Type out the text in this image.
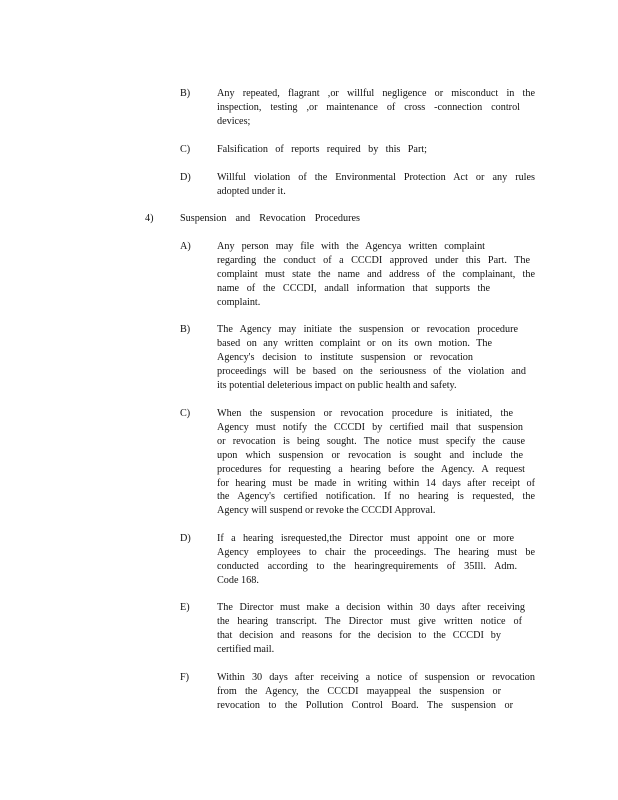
B)	Any repeated, flagrant ,or willful negligence or misconduct in the
inspection, testing ,or maintenance of cross -connection control
devices;
C)	Falsification of reports required by this Part;
D)	Willful violation of the Environmental Protection Act or any rules
adopted under it.
4)	Suspension and Revocation Procedures
A)	Any person may file with the Agencya written complaint
regarding the conduct of a CCCDI approved under this Part. The
complaint must state the name and address of the complainant, the
name of the CCCDI, andall information that supports the
complaint.
B)	The Agency may initiate the suspension or revocation procedure
based on any written complaint or on its own motion. The
Agency's decision to institute suspension or revocation
proceedings will be based on the seriousness of the violation and
its potential deleterious impact on public health and safety.
C)	When the suspension or revocation procedure is initiated, the
Agency must notify the CCCDI by certified mail that suspension
or revocation is being sought. The notice must specify the cause
upon which suspension or revocation is sought and include the
procedures for requesting a hearing before the Agency. A request
for hearing must be made in writing within 14 days after receipt of
the Agency's certified notification. If no hearing is requested, the
Agency will suspend or revoke the CCCDI Approval.
D)	If a hearing isrequested,the Director must appoint one or more
Agency employees to chair the proceedings. The hearing must be
conducted according to the hearingrequirements of 35Ill. Adm.
Code 168.
E)	The Director must make a decision within 30 days after receiving
the hearing transcript. The Director must give written notice of
that decision and reasons for the decision to the CCCDI by
certified mail.
F)	Within 30 days after receiving a notice of suspension or revocation
from the Agency, the CCCDI mayappeal the suspension or
revocation to the Pollution Control Board. The suspension or
